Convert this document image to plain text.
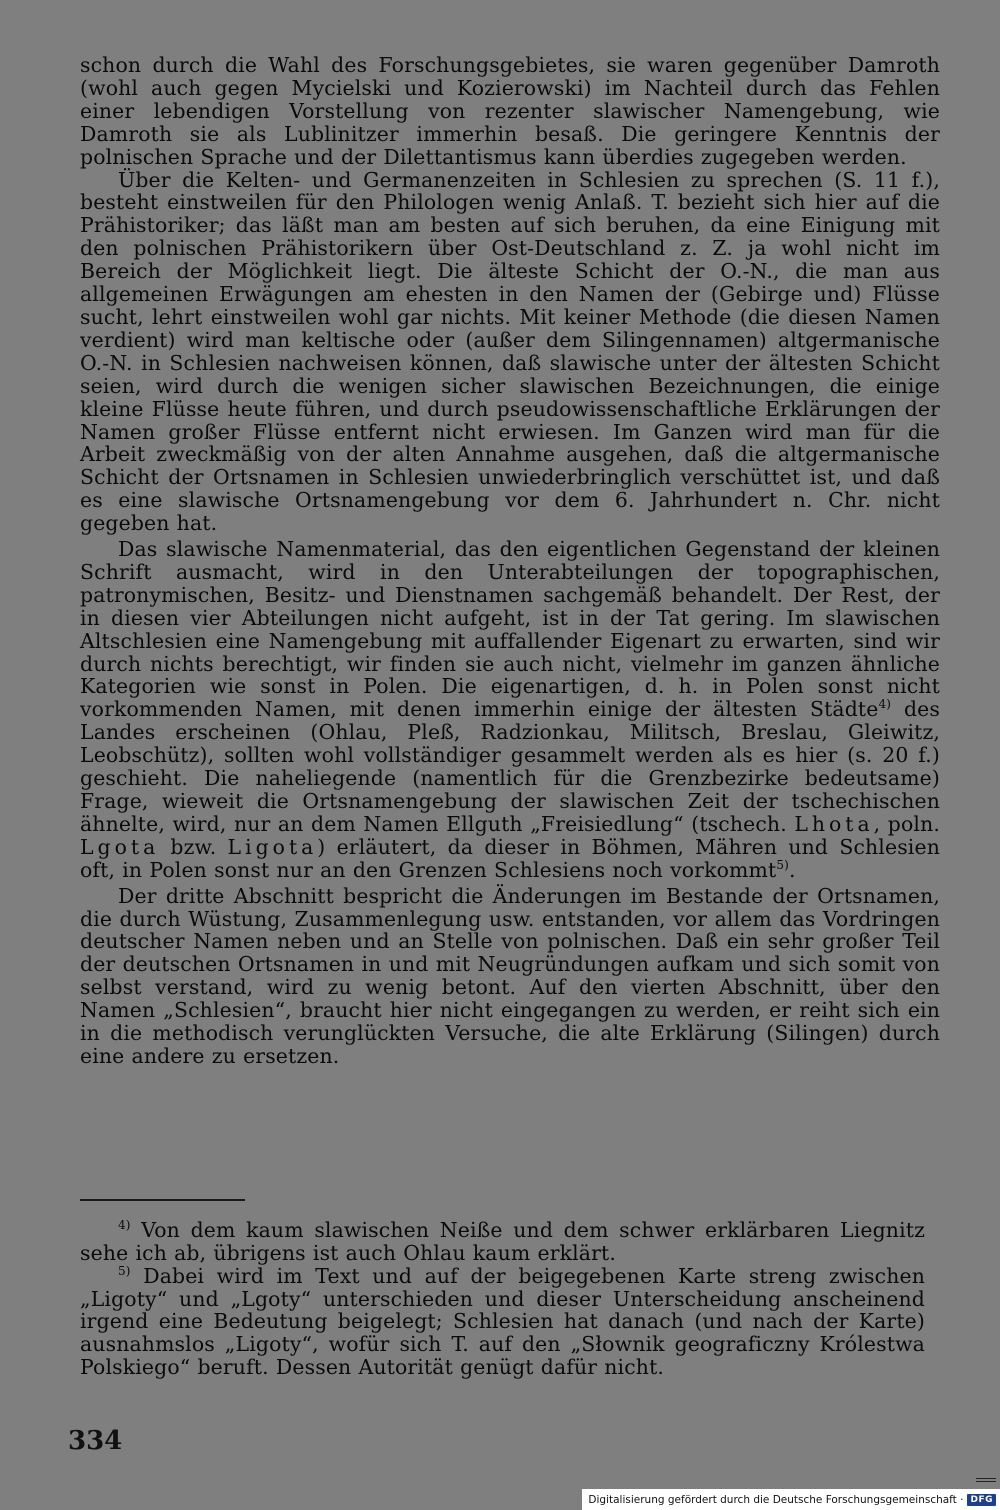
schon durch die Wahl des Forschungsgebietes, sie waren gegenüber Damroth (wohl auch gegen Mycielski und Kozierowski) im Nachteil durch das Fehlen einer lebendigen Vorstellung von rezenter slawischer Namengebung, wie Damroth sie als Lublinitzer immerhin besaß. Die geringere Kenntnis der polnischen Sprache und der Dilettantismus kann überdies zugegeben werden.

Über die Kelten- und Germanenzeiten in Schlesien zu sprechen (S. 11 f.), besteht einstweilen für den Philologen wenig Anlaß. T. bezieht sich hier auf die Prähistoriker; das läßt man am besten auf sich beruhen, da eine Einigung mit den polnischen Prähistorikern über Ost-Deutschland z. Z. ja wohl nicht im Bereich der Möglichkeit liegt. Die älteste Schicht der O.-N., die man aus allgemeinen Erwägungen am ehesten in den Namen der (Gebirge und) Flüsse sucht, lehrt einstweilen wohl gar nichts. Mit keiner Methode (die diesen Namen verdient) wird man keltische oder (außer dem Silingennamen) altgermanische O.-N. in Schlesien nachweisen können, daß slawische unter der ältesten Schicht seien, wird durch die wenigen sicher slawischen Bezeichnungen, die einige kleine Flüsse heute führen, und durch pseudowissenschaftliche Erklärungen der Namen großer Flüsse entfernt nicht erwiesen. Im Ganzen wird man für die Arbeit zweckmäßig von der alten Annahme ausgehen, daß die altgermanische Schicht der Ortsnamen in Schlesien unwiederbringlich verschüttet ist, und daß es eine slawische Ortsnamengebung vor dem 6. Jahrhundert n. Chr. nicht gegeben hat.

Das slawische Namenmaterial, das den eigentlichen Gegenstand der kleinen Schrift ausmacht, wird in den Unterabteilungen der topographischen, patronymischen, Besitz- und Dienstnamen sachgemäß behandelt. Der Rest, der in diesen vier Abteilungen nicht aufgeht, ist in der Tat gering. Im slawischen Altschlesien eine Namengebung mit auffallender Eigenart zu erwarten, sind wir durch nichts berechtigt, wir finden sie auch nicht, vielmehr im ganzen ähnliche Kategorien wie sonst in Polen. Die eigenartigen, d. h. in Polen sonst nicht vorkommenden Namen, mit denen immerhin einige der ältesten Städte$^{4)}$ des Landes erscheinen (Ohlau, Pleß, Radzionkau, Militsch, Breslau, Gleiwitz, Leobschütz), sollten wohl vollständiger gesammelt werden als es hier (s. 20 f.) geschieht. Die naheliegende (namentlich für die Grenzbezirke bedeutsame) Frage, wieweit die Ortsnamengebung der slawischen Zeit der tschechischen ähnelte, wird, nur an dem Namen Ellguth „Freisiedlung“ (tschech. Lhota, poln. Lgota bzw. Ligota) erläutert, da dieser in Böhmen, Mähren und Schlesien oft, in Polen sonst nur an den Grenzen Schlesiens noch vorkommt$^{5)}$.

Der dritte Abschnitt bespricht die Änderungen im Bestande der Ortsnamen, die durch Wüstung, Zusammenlegung usw. entstanden, vor allem das Vordringen deutscher Namen neben und an Stelle von polnischen. Daß ein sehr großer Teil der deutschen Ortsnamen in und mit Neugründungen aufkam und sich somit von selbst verstand, wird zu wenig betont. Auf den vierten Abschnitt, über den Namen „Schlesien“, braucht hier nicht eingegangen zu werden, er reiht sich ein in die methodisch verunglückten Versuche, die alte Erklärung (Silingen) durch eine andere zu ersetzen.

$^{4)}$ Von dem kaum slawischen Neiße und dem schwer erklärbaren Liegnitz sehe ich ab, übrigens ist auch Ohlau kaum erklärt.

$^{5)}$ Dabei wird im Text und auf der beigegebenen Karte streng zwischen „Ligoty“ und „Lgoty“ unterschieden und dieser Unterscheidung anscheinend irgend eine Bedeutung beigelegt; Schlesien hat danach (und nach der Karte) ausnahmslos „Ligoty“, wofür sich T. auf den „Słownik geograficzny Królestwa Polskiego“ beruft. Dessen Autorität genügt dafür nicht.

334
Digitalisierung gefördert durch die Deutsche Forschungsgemeinschaft · DFG
